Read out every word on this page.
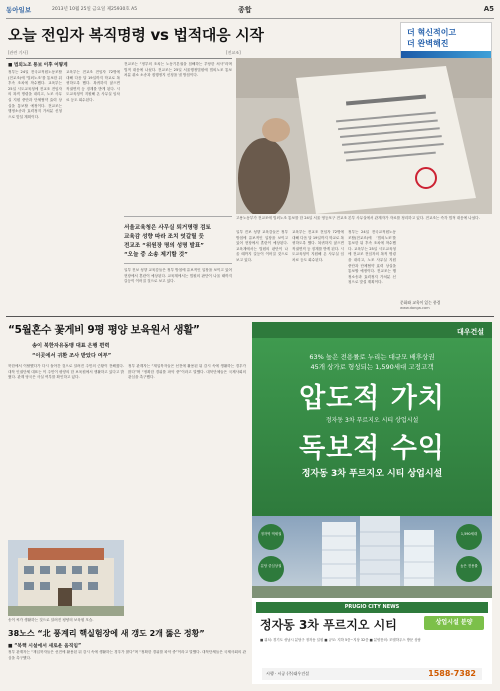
동아일보	2013년 10월 25일 금요일 제25930호 A5	종합	A5
오늘 전임자 복직명령 vs 법적대응 시작
[관련 기사]	[전교조]
더 혁신적이고
더 완벽해진
■ 법외노조 통보 이후 어떻게
정부는 24일 전국교직원노동조합(전교조)에 ‘법외노조’를 통보한 뒤 후속 조치에 착수했다. 교육부는 25일 시도교육청에 전교조 전임자의 복직 명령을 내리고, 노조 사무실 지원 중단과 단체협약 효력 상실을 통보할 예정이다. 전교조는 행정소송과 효력정지 가처분 신청으로 맞설 계획이다.
교육부는 전교조 전임자 72명에 대해 다음 달 19일까지 학교로 복귀하도록 했다. 복귀하지 않으면 직권면직 등 징계를 받게 된다. 시도교육청이 지원해 온 사무실 임차료 등도 회수된다.
전교조는 “정부의 조치는 노동기본권을 침해하는 부당한 처사”라며 법적 대응에 나섰다. 전교조는 25일 서울행정법원에 법외노조 통보 처분 취소 소송과 집행정지 신청을 낼 방침이다.
서울교육청은 사무실 퇴거명령 검토
교육감 성향 따라 조치 엇갈릴 듯
전교조 “위원장 명의 성명 발표”
“오늘 중 소송 제기할 것”
일부 진보 성향 교육감들은 정부 방침에 유보적인 입장을 보이고 있어 현장에서 혼란이 예상된다. 교육계에서는 법원의 판단이 나올 때까지 갈등이 이어질 것으로 보고 있다.
고용노동부가 전교조에 법외노조 통보를 한 24일 서울 영등포구 전교조 본부 사무실에서 관계자가 자료를 정리하고 있다. 전교조는 즉각 법적 대응에 나섰다.
일부 진보 성향 교육감들은 정부 방침에 유보적인 입장을 보이고 있어 현장에서 혼란이 예상된다. 교육계에서는 법원의 판단이 나올 때까지 갈등이 이어질 것으로 보고 있다.
교육부는 전교조 전임자 72명에 대해 다음 달 19일까지 학교로 복귀하도록 했다. 복귀하지 않으면 직권면직 등 징계를 받게 된다. 시도교육청이 지원해 온 사무실 임차료 등도 회수된다.
정부는 24일 전국교직원노동조합(전교조)에 ‘법외노조’를 통보한 뒤 후속 조치에 착수했다. 교육부는 25일 시도교육청에 전교조 전임자의 복직 명령을 내리고, 노조 사무실 지원 중단과 단체협약 효력 상실을 통보할 예정이다. 전교조는 행정소송과 효력정지 가처분 신청으로 맞설 계획이다.
문화와 교육이 있는 풍경
www.donga.com
“5월혼수 꽃게비 9평 평양 보육원서 생활”
송이 북한자유동맹 대표 은행 편력
“이곳에서 귀환 조사 받았다 여부”
북한에서 이탈했다가 다시 돌아간 것으로 알려진 주민의 근황이 전해졌다. 대북 인권단체 대표는 이 주민이 평양의 한 보육원에서 생활하고 있다고 밝혔다. 관계 당국은 사실 여부를 확인하고 있다.
정부 관계자는 “재입북자들은 선전에 활용된 뒤 감시 속에 생활하는 경우가 많다”며 “정확한 경위를 파악 중”이라고 말했다. 대북단체들은 국제사회의 관심을 촉구했다.
송이 씨가 생활하는 것으로 알려진 평양의 보육원 모습.
38노스 “北 풍계리 핵실험장에 새 갱도 2개 뚫은 정황”
■ “북핵 시설에서 새로운 움직임”
정부 관계자는 “재입북자들은 선전에 활용된 뒤 감시 속에 생활하는 경우가 많다”며 “정확한 경위를 파악 중”이라고 말했다. 대북단체들은 국제사회의 관심을 촉구했다.
대우건설
63% 높은 전용률로 누리는 대규모 배후상권
45개 상가로 형성되는 1,590세대 고정고객
압도적 가치
정자동 3차 푸르지오 시티 상업시설
독보적 수익
정자동 3차 푸르지오 시티 상업시설
정자역 역세권
분당 중심상권
1,590세대
높은 전용률
PRUGIO CITY NEWS
정자동 3차 푸르지오 시티	상업시설 분양
■ 위치: 경기도 성남시 분당구 정자동 일원 ■ 규모: 지하 5층~지상 32층 ■ 분양문의: 모델하우스 방문 상담
시행 · 시공 (주)대우건설	1588-7382
